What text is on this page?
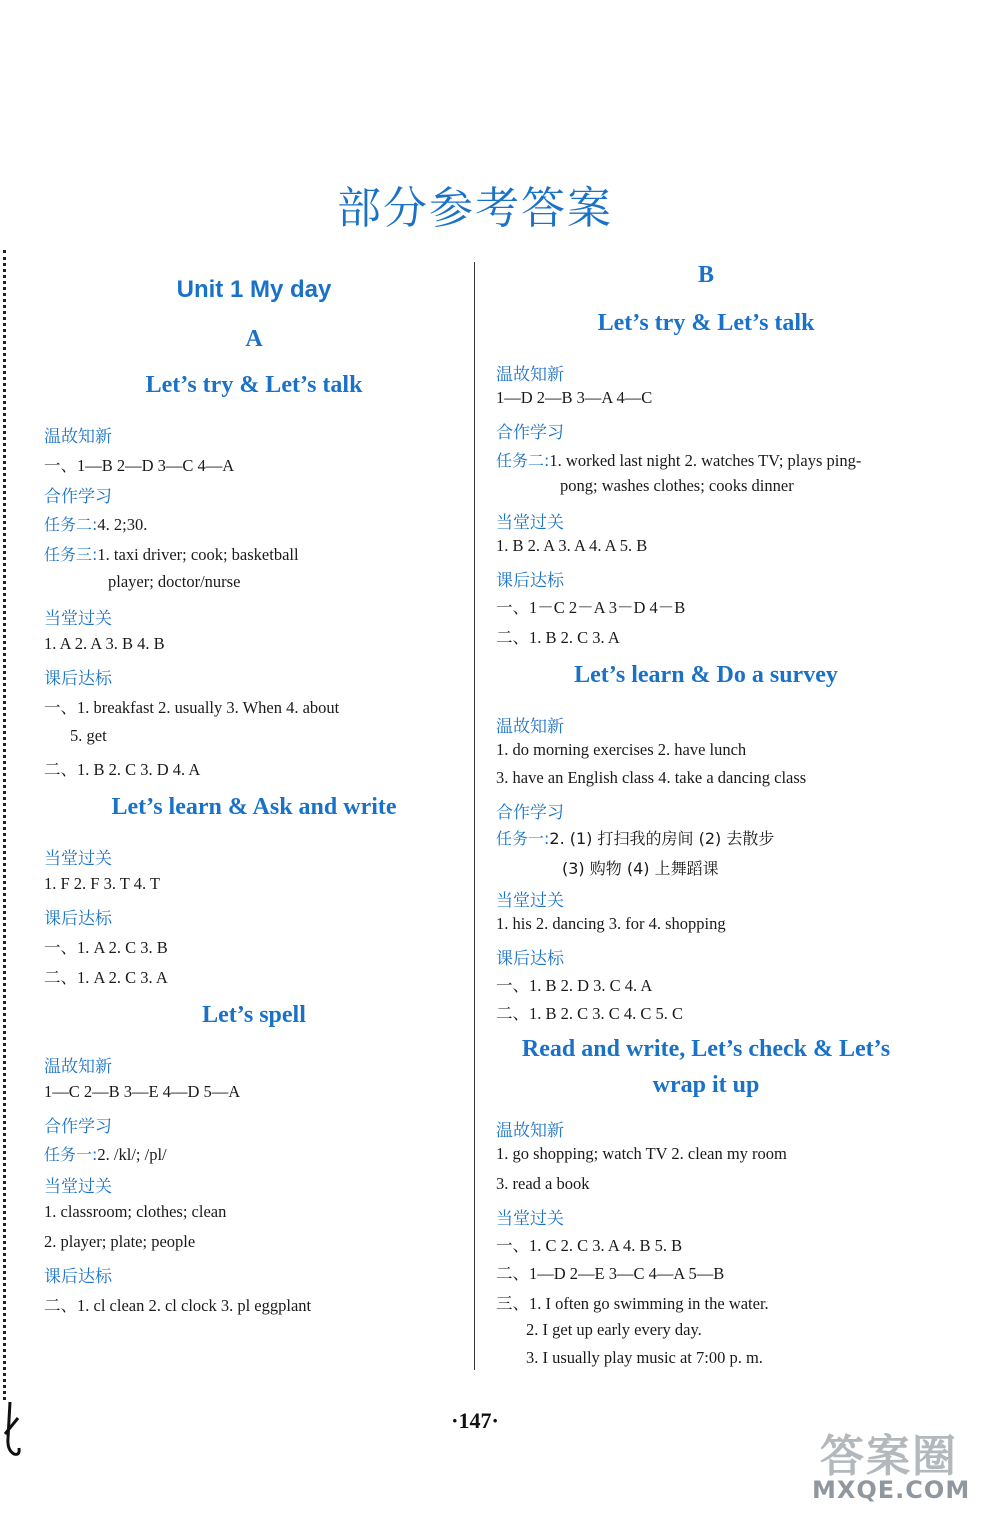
部分参考答案
Unit 1 My day
A
Let’s try & Let’s talk
温故知新
一、1—B 2—D 3—C 4—A
合作学习
任务二:4. 2;30.
任务三:1. taxi driver; cook; basketball
player; doctor/nurse
当堂过关
1. A 2. A 3. B 4. B
课后达标
一、1. breakfast 2. usually 3. When 4. about
5. get
二、1. B 2. C 3. D 4. A
Let’s learn & Ask and write
当堂过关
1. F 2. F 3. T 4. T
课后达标
一、1. A 2. C 3. B
二、1. A 2. C 3. A
Let’s spell
温故知新
1—C 2—B 3—E 4—D 5—A
合作学习
任务一:2. /kl/; /pl/
当堂过关
1. classroom; clothes; clean
2. player; plate; people
课后达标
二、1. cl clean 2. cl clock 3. pl eggplant
B
Let’s try & Let’s talk
温故知新
1—D 2—B 3—A 4—C
合作学习
任务二:1. worked last night 2. watches TV; plays ping-
pong; washes clothes; cooks dinner
当堂过关
1. B 2. A 3. A 4. A 5. B
课后达标
一、1－C 2－A 3－D 4－B
二、1. B 2. C 3. A
Let’s learn & Do a survey
温故知新
1. do morning exercises 2. have lunch
3. have an English class 4. take a dancing class
合作学习
任务一:2. (1) 打扫我的房间 (2) 去散步
(3) 购物 (4) 上舞蹈课
当堂过关
1. his 2. dancing 3. for 4. shopping
课后达标
一、1. B 2. D 3. C 4. A
二、1. B 2. C 3. C 4. C 5. C
Read and write, Let’s check & Let’s
wrap it up
温故知新
1. go shopping; watch TV 2. clean my room
3. read a book
当堂过关
一、1. C 2. C 3. A 4. B 5. B
二、1—D 2—E 3—C 4—A 5—B
三、1. I often go swimming in the water.
2. I get up early every day.
3. I usually play music at 7:00 p. m.
·147·
答案圈
MXQE.COM
